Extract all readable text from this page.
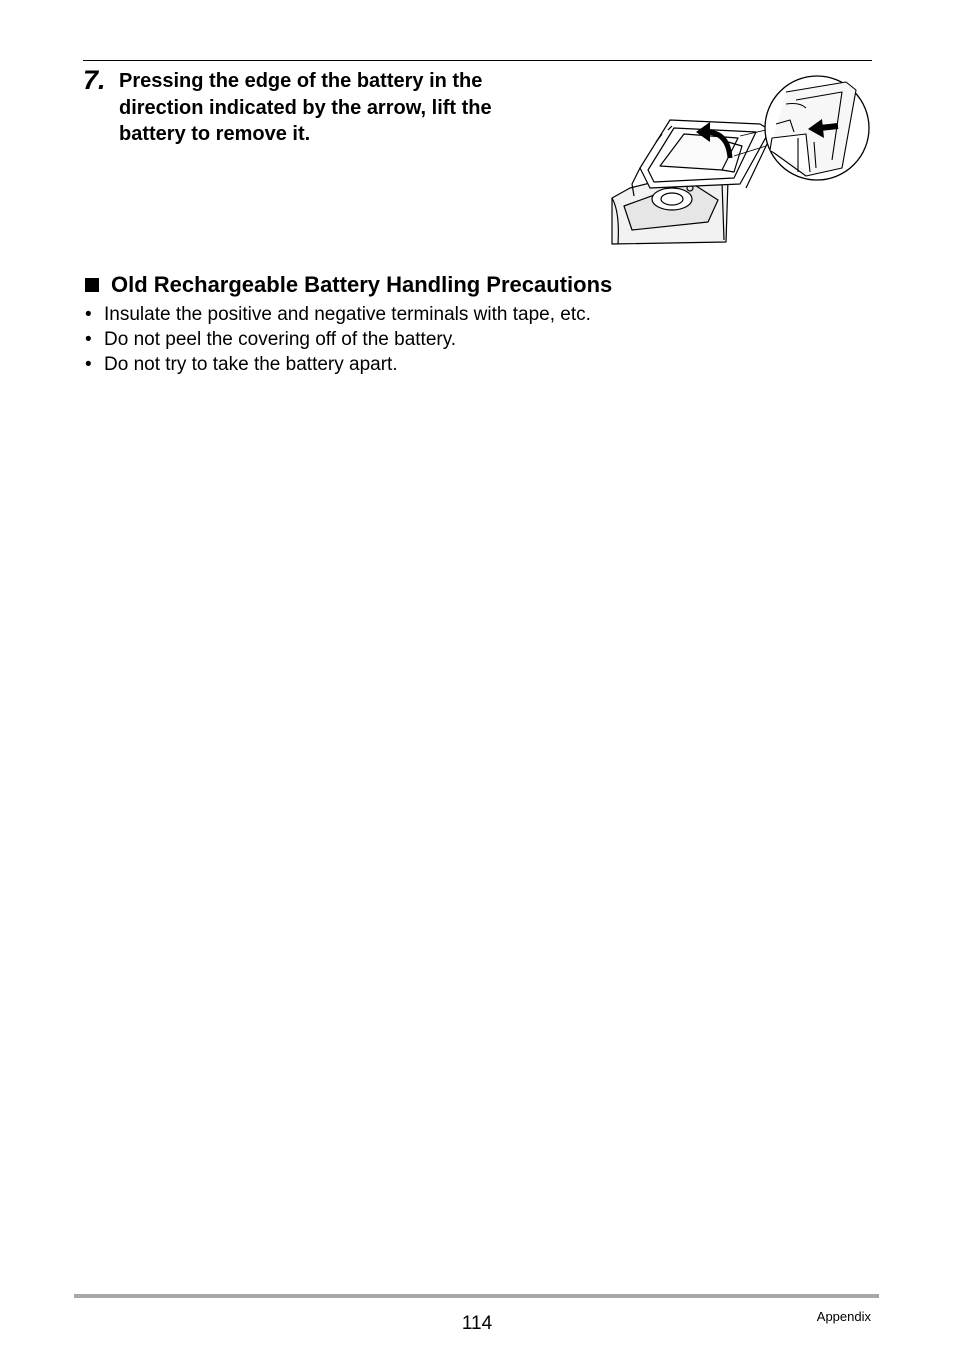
7. Pressing the edge of the battery in the
direction indicated by the arrow, lift the
battery to remove it.
Old Rechargeable Battery Handling Precautions
• Insulate the positive and negative terminals with tape, etc.
• Do not peel the covering off of the battery.
• Do not try to take the battery apart.
114	Appendix
